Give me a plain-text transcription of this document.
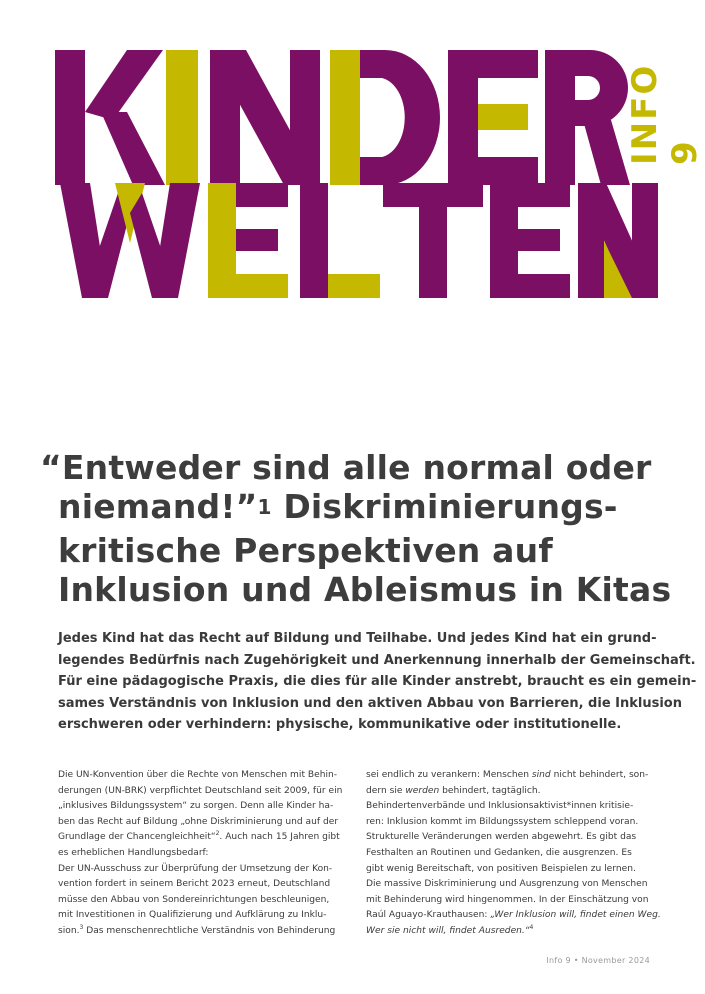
INFO 9
“Entweder sind alle normal oder
niemand!”$^1$ Diskriminierungs-
kritische Perspektiven auf
Inklusion und Ableismus in Kitas

Jedes Kind hat das Recht auf Bildung und Teilhabe. Und jedes Kind hat ein grund-
legendes Bedürfnis nach Zugehörigkeit und Anerkennung innerhalb der Gemeinschaft.
Für eine pädagogische Praxis, die dies für alle Kinder anstrebt, braucht es ein gemein-
sames Verständnis von Inklusion und den aktiven Abbau von Barrieren, die Inklusion
erschweren oder verhindern: physische, kommunikative oder institutionelle.

Die UN-Konvention über die Rechte von Menschen mit Behin-
derungen (UN-BRK) verpflichtet Deutschland seit 2009, für ein
„inklusives Bildungssystem“ zu sorgen. Denn alle Kinder ha-
ben das Recht auf Bildung „ohne Diskriminierung und auf der
Grundlage der Chancengleichheit“$^2$. Auch nach 15 Jahren gibt
es erheblichen Handlungsbedarf:
Der UN-Ausschuss zur Überprüfung der Umsetzung der Kon-
vention fordert in seinem Bericht 2023 erneut, Deutschland
müsse den Abbau von Sondereinrichtungen beschleunigen,
mit Investitionen in Qualifizierung und Aufklärung zu Inklu-
sion.$^3$ Das menschenrechtliche Verständnis von Behinderung
sei endlich zu verankern: Menschen sind nicht behindert, son-
dern sie werden behindert, tagtäglich.
Behindertenverbände und Inklusionsaktivist*innen kritisie-
ren: Inklusion kommt im Bildungssystem schleppend voran.
Strukturelle Veränderungen werden abgewehrt. Es gibt das
Festhalten an Routinen und Gedanken, die ausgrenzen. Es
gibt wenig Bereitschaft, von positiven Beispielen zu lernen.
Die massive Diskriminierung und Ausgrenzung von Menschen
mit Behinderung wird hingenommen. In der Einschätzung von
Raúl Aguayo-Krauthausen: „Wer Inklusion will, findet einen Weg.
Wer sie nicht will, findet Ausreden.“$^4$
Info 9 • November 2024
